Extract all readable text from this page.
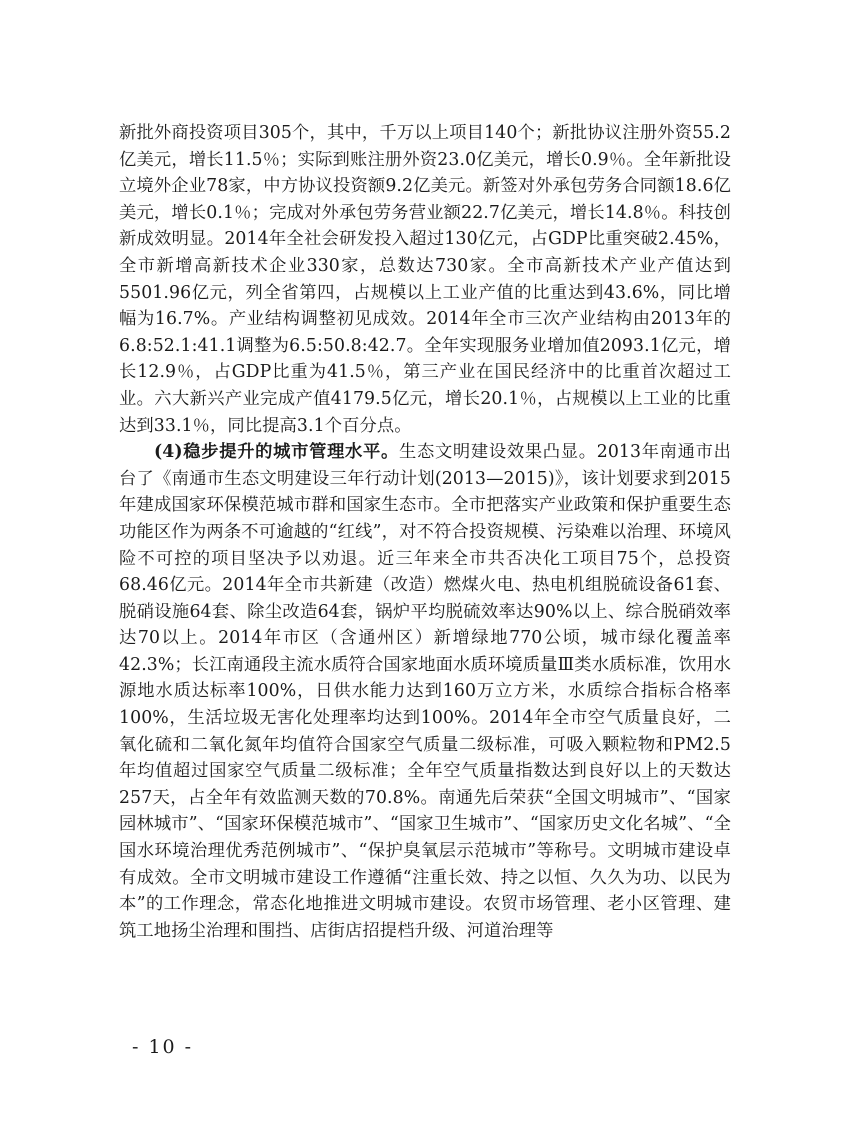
新批外商投资项目305个，其中，千万以上项目140个；新批协议注册外资55.2亿美元，增长11.5％；实际到账注册外资23.0亿美元，增长0.9％。全年新批设立境外企业78家，中方协议投资额9.2亿美元。新签对外承包劳务合同额18.6亿美元，增长0.1％；完成对外承包劳务营业额22.7亿美元，增长14.8％。科技创新成效明显。2014年全社会研发投入超过130亿元，占GDP比重突破2.45%，全市新增高新技术企业330家，总数达730家。全市高新技术产业产值达到5501.96亿元，列全省第四，占规模以上工业产值的比重达到43.6%，同比增幅为16.7%。产业结构调整初见成效。2014年全市三次产业结构由2013年的6.8:52.1:41.1调整为6.5:50.8:42.7。全年实现服务业增加值2093.1亿元，增长12.9％，占GDP比重为41.5％，第三产业在国民经济中的比重首次超过工业。六大新兴产业完成产值4179.5亿元，增长20.1％，占规模以上工业的比重达到33.1％，同比提高3.1个百分点。

(4)稳步提升的城市管理水平。生态文明建设效果凸显。2013年南通市出台了《南通市生态文明建设三年行动计划(2013—2015)》，该计划要求到2015年建成国家环保模范城市群和国家生态市。全市把落实产业政策和保护重要生态功能区作为两条不可逾越的“红线”，对不符合投资规模、污染难以治理、环境风险不可控的项目坚决予以劝退。近三年来全市共否决化工项目75个，总投资68.46亿元。2014年全市共新建（改造）燃煤火电、热电机组脱硫设备61套、脱硝设施64套、除尘改造64套，锅炉平均脱硫效率达90%以上、综合脱硝效率达70以上。2014年市区（含通州区）新增绿地770公顷，城市绿化覆盖率42.3%；长江南通段主流水质符合国家地面水质环境质量Ⅲ类水质标准，饮用水源地水质达标率100%，日供水能力达到160万立方米，水质综合指标合格率100%，生活垃圾无害化处理率均达到100%。2014年全市空气质量良好，二氧化硫和二氧化氮年均值符合国家空气质量二级标准，可吸入颗粒物和PM2.5年均值超过国家空气质量二级标准；全年空气质量指数达到良好以上的天数达257天，占全年有效监测天数的70.8%。南通先后荣获“全国文明城市”、“国家园林城市”、“国家环保模范城市”、“国家卫生城市”、“国家历史文化名城”、“全国水环境治理优秀范例城市”、“保护臭氧层示范城市”等称号。文明城市建设卓有成效。全市文明城市建设工作遵循“注重长效、持之以恒、久久为功、以民为本”的工作理念，常态化地推进文明城市建设。农贸市场管理、老小区管理、建筑工地扬尘治理和围挡、店街店招提档升级、河道治理等

- 10 -
